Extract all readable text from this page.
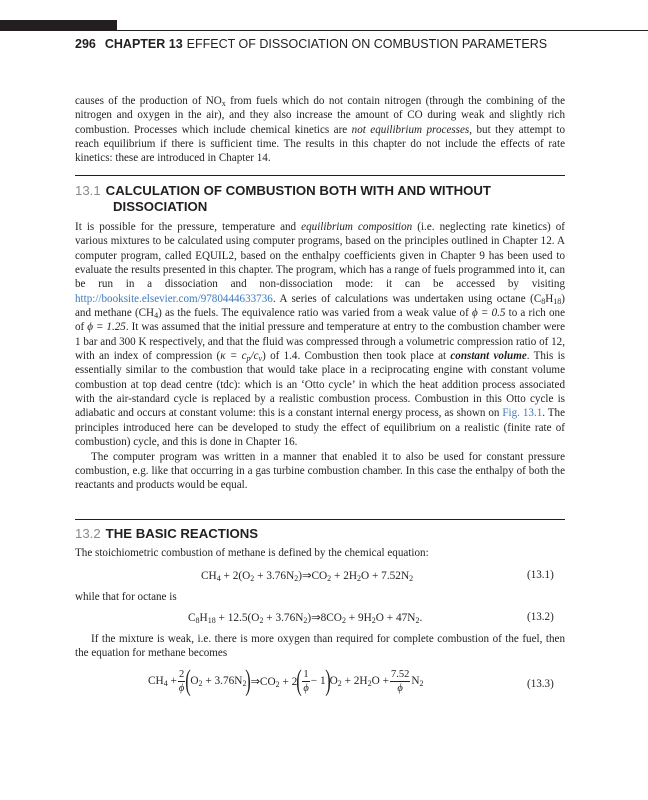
296 CHAPTER 13 EFFECT OF DISSOCIATION ON COMBUSTION PARAMETERS

causes of the production of $NO_x$ from fuels which do not contain nitrogen (through the combining of the nitrogen and oxygen in the air), and they also increase the amount of CO during weak and slightly rich combustion. Processes which include chemical kinetics are not equilibrium processes, but they attempt to reach equilibrium if there is sufficient time. The results in this chapter do not include the effects of rate kinetics: these are introduced in Chapter 14.

13.1 CALCULATION OF COMBUSTION BOTH WITH AND WITHOUT
DISSOCIATION

It is possible for the pressure, temperature and equilibrium composition (i.e. neglecting rate kinetics) of various mixtures to be calculated using computer programs, based on the principles outlined in Chapter 12. A computer program, called EQUIL2, based on the enthalpy coefficients given in Chapter 9 has been used to evaluate the results presented in this chapter. The program, which has a range of fuels programmed into it, can be run in a dissociation and non-dissociation mode: it can be accessed by visiting http://booksite.elsevier.com/9780444633736. A series of calculations was undertaken using octane $(C_8H_{18})$ and methane $(CH_4)$ as the fuels. The equivalence ratio was varied from a weak value of ϕ = 0.5 to a rich one of ϕ = 1.25. It was assumed that the initial pressure and temperature at entry to the combustion chamber were 1 bar and 300 K respectively, and that the fluid was compressed through a volumetric compression ratio of 12, with an index of compression $(\kappa = c_p/c_v)$ of 1.4. Combustion then took place at constant volume. This is essentially similar to the combustion that would take place in a reciprocating engine with constant volume combustion at top dead centre (tdc): which is an ‘Otto cycle’ in which the heat addition process associated with the air-standard cycle is replaced by a realistic combustion process. Combustion in this Otto cycle is adiabatic and occurs at constant volume: this is a constant internal energy process, as shown on Fig. 13.1. The principles introduced here can be developed to study the effect of equilibrium on a realistic (finite rate of combustion) cycle, and this is done in Chapter 16.

The computer program was written in a manner that enabled it to also be used for constant pressure combustion, e.g. like that occurring in a gas turbine combustion chamber. In this case the enthalpy of both the reactants and products would be equal.

13.2 THE BASIC REACTIONS

The stoichiometric combustion of methane is defined by the chemical equation:

$CH_4 + 2(O_2$ + $3.76N_2)\Rightarrow CO_2 + 2H_2O + 7.52N_2$	(13.1)

while that for octane is

$C_8H_{18} + 12.5(O_2$ + $3.76N_2)\Rightarrow 8CO_2 + 9H_2O + 47N_2$.	(13.2)

If the mixture is weak, i.e. there is more oxygen than required for complete combustion of the fuel, then the equation for methane becomes

$CH_4 + \frac{2}{\phi} (O_2$ + $3.76N_2)\Rightarrow CO_2 + 2( \frac{1}{\phi} - 1)O_2 + 2H_2O + \frac{7.52}{\phi} N_2$	(13.3)
